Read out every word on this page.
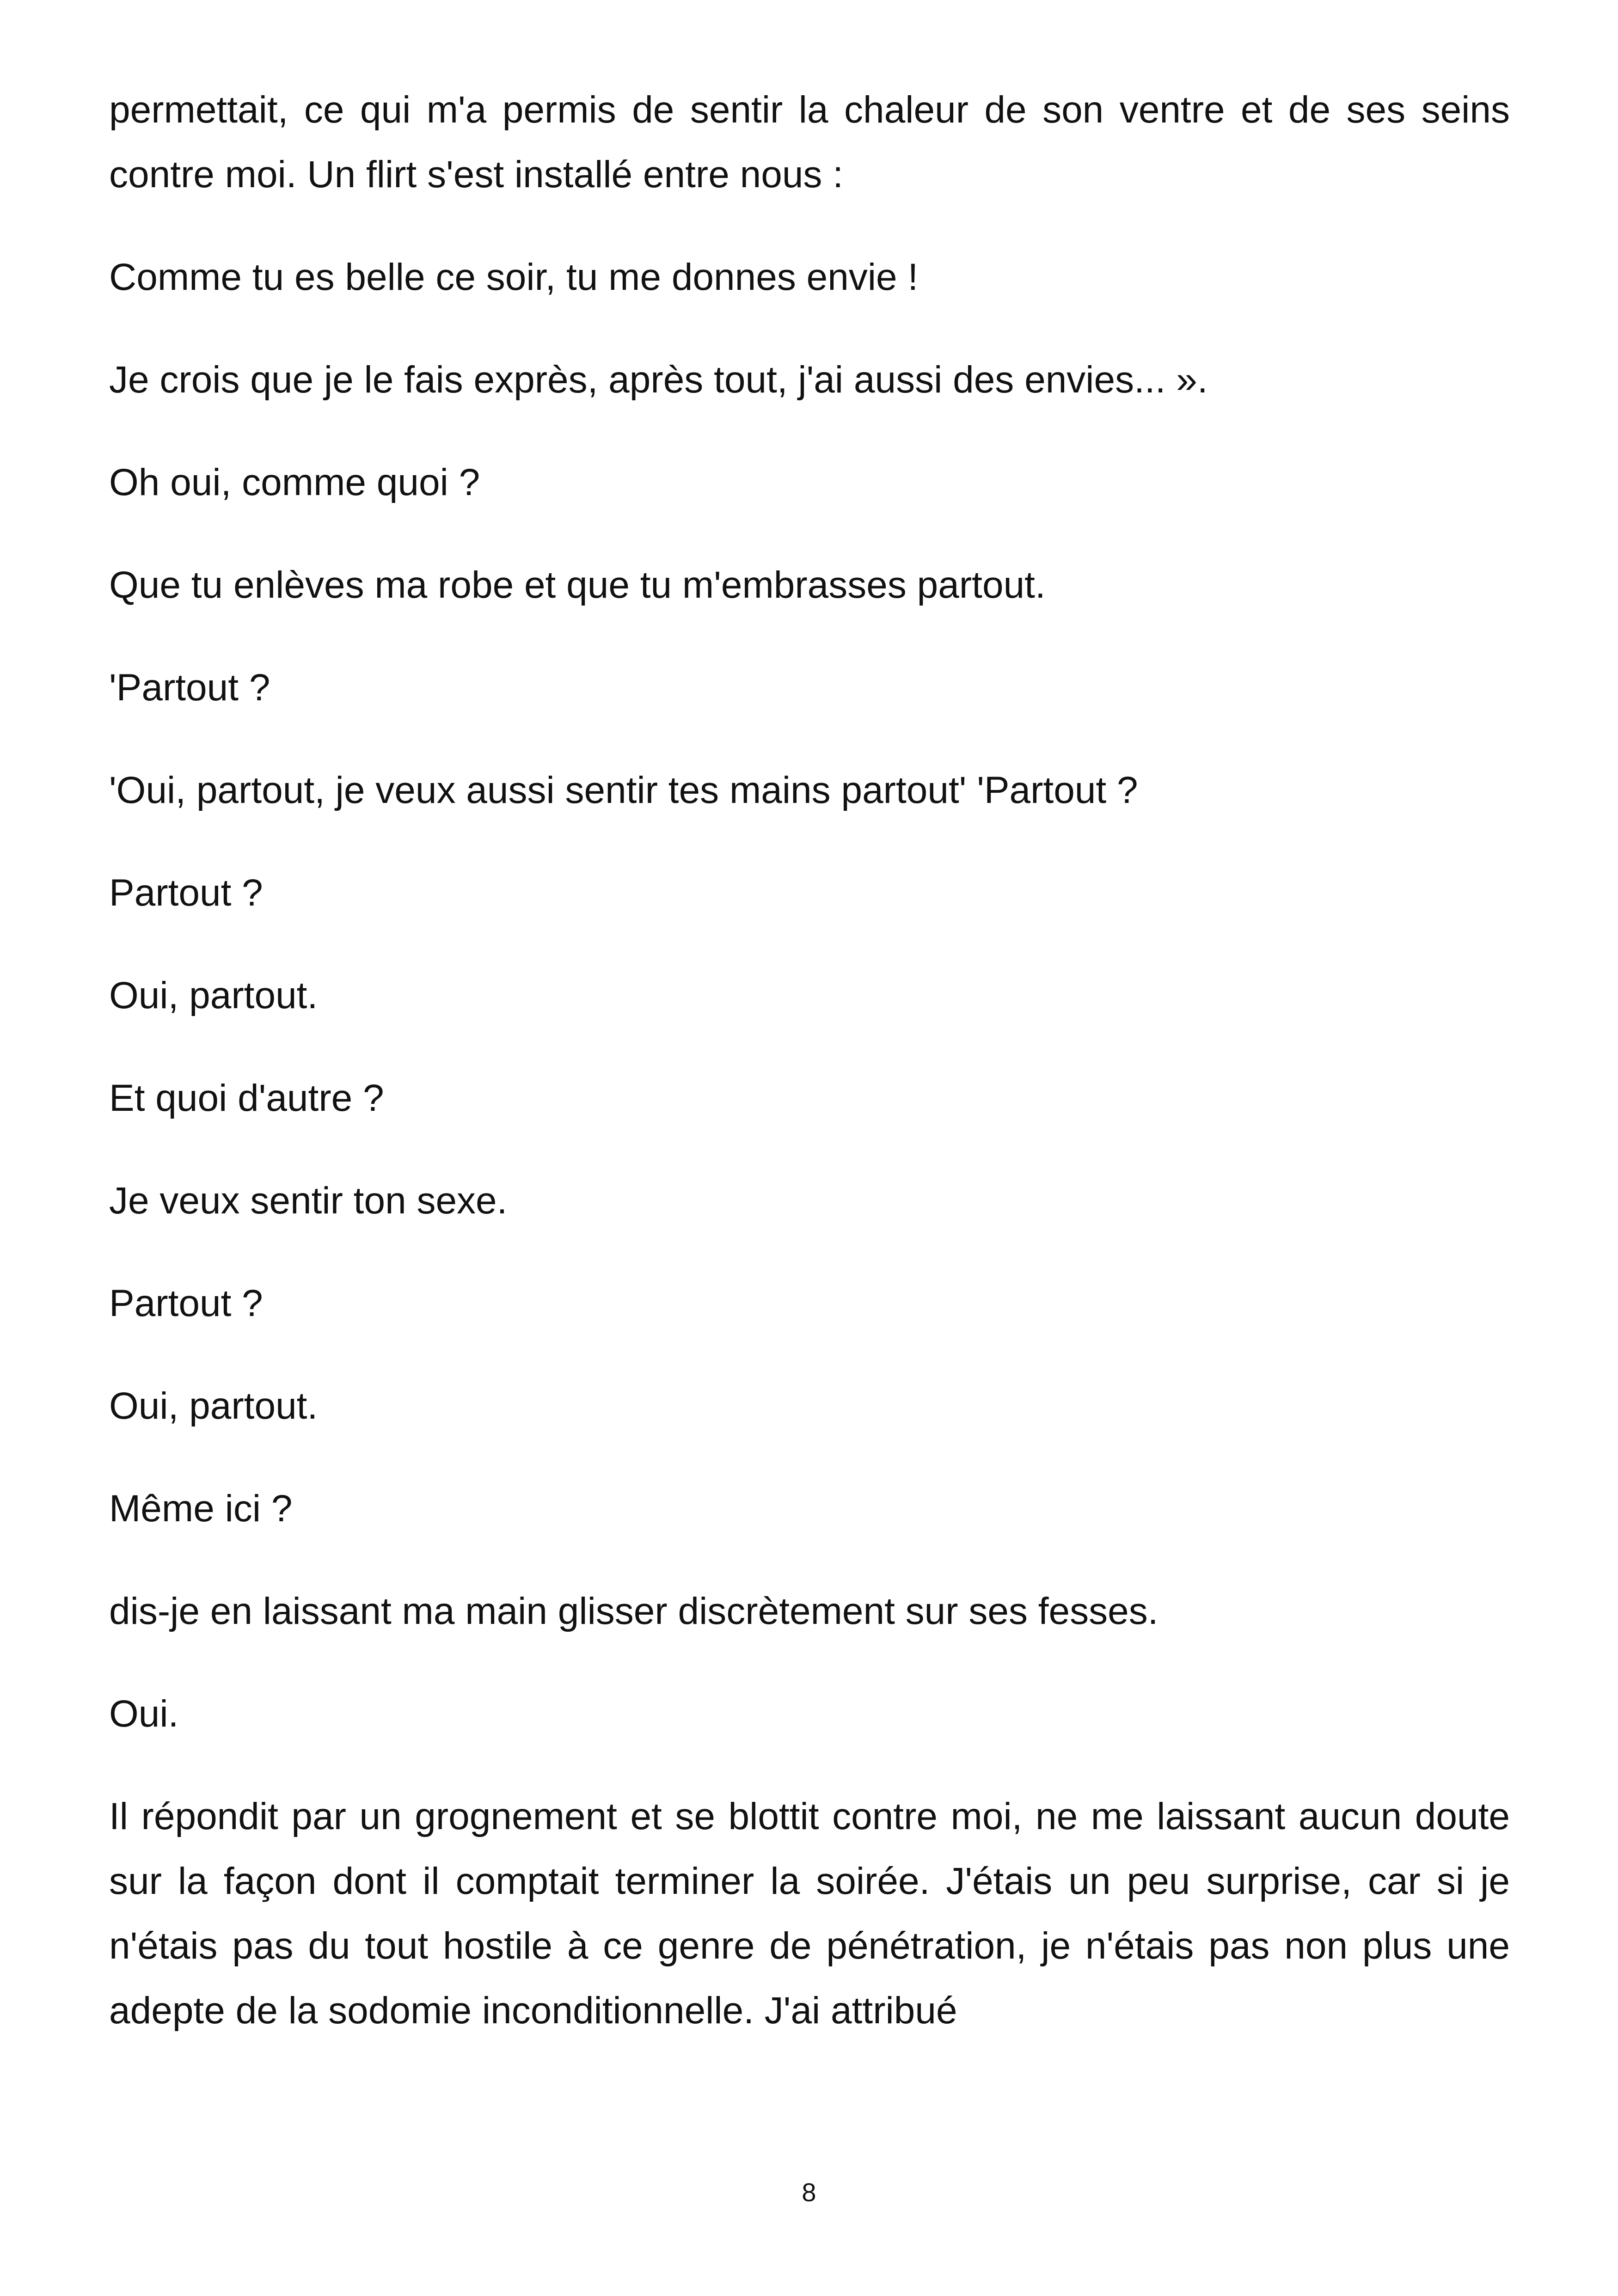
permettait, ce qui m'a permis de sentir la chaleur de son ventre et de ses seins contre moi. Un flirt s'est installé entre nous :

Comme tu es belle ce soir, tu me donnes envie !

Je crois que je le fais exprès, après tout, j'ai aussi des envies... ».

Oh oui, comme quoi ?

Que tu enlèves ma robe et que tu m'embrasses partout.

'Partout ?

'Oui, partout, je veux aussi sentir tes mains partout' 'Partout ?

Partout ?

Oui, partout.

Et quoi d'autre ?

Je veux sentir ton sexe.

Partout ?

Oui, partout.

Même ici ?

dis-je en laissant ma main glisser discrètement sur ses fesses.

Oui.

Il répondit par un grognement et se blottit contre moi, ne me laissant aucun doute sur la façon dont il comptait terminer la soirée. J'étais un peu surprise, car si je n'étais pas du tout hostile à ce genre de pénétration, je n'étais pas non plus une adepte de la sodomie inconditionnelle. J'ai attribué

8
